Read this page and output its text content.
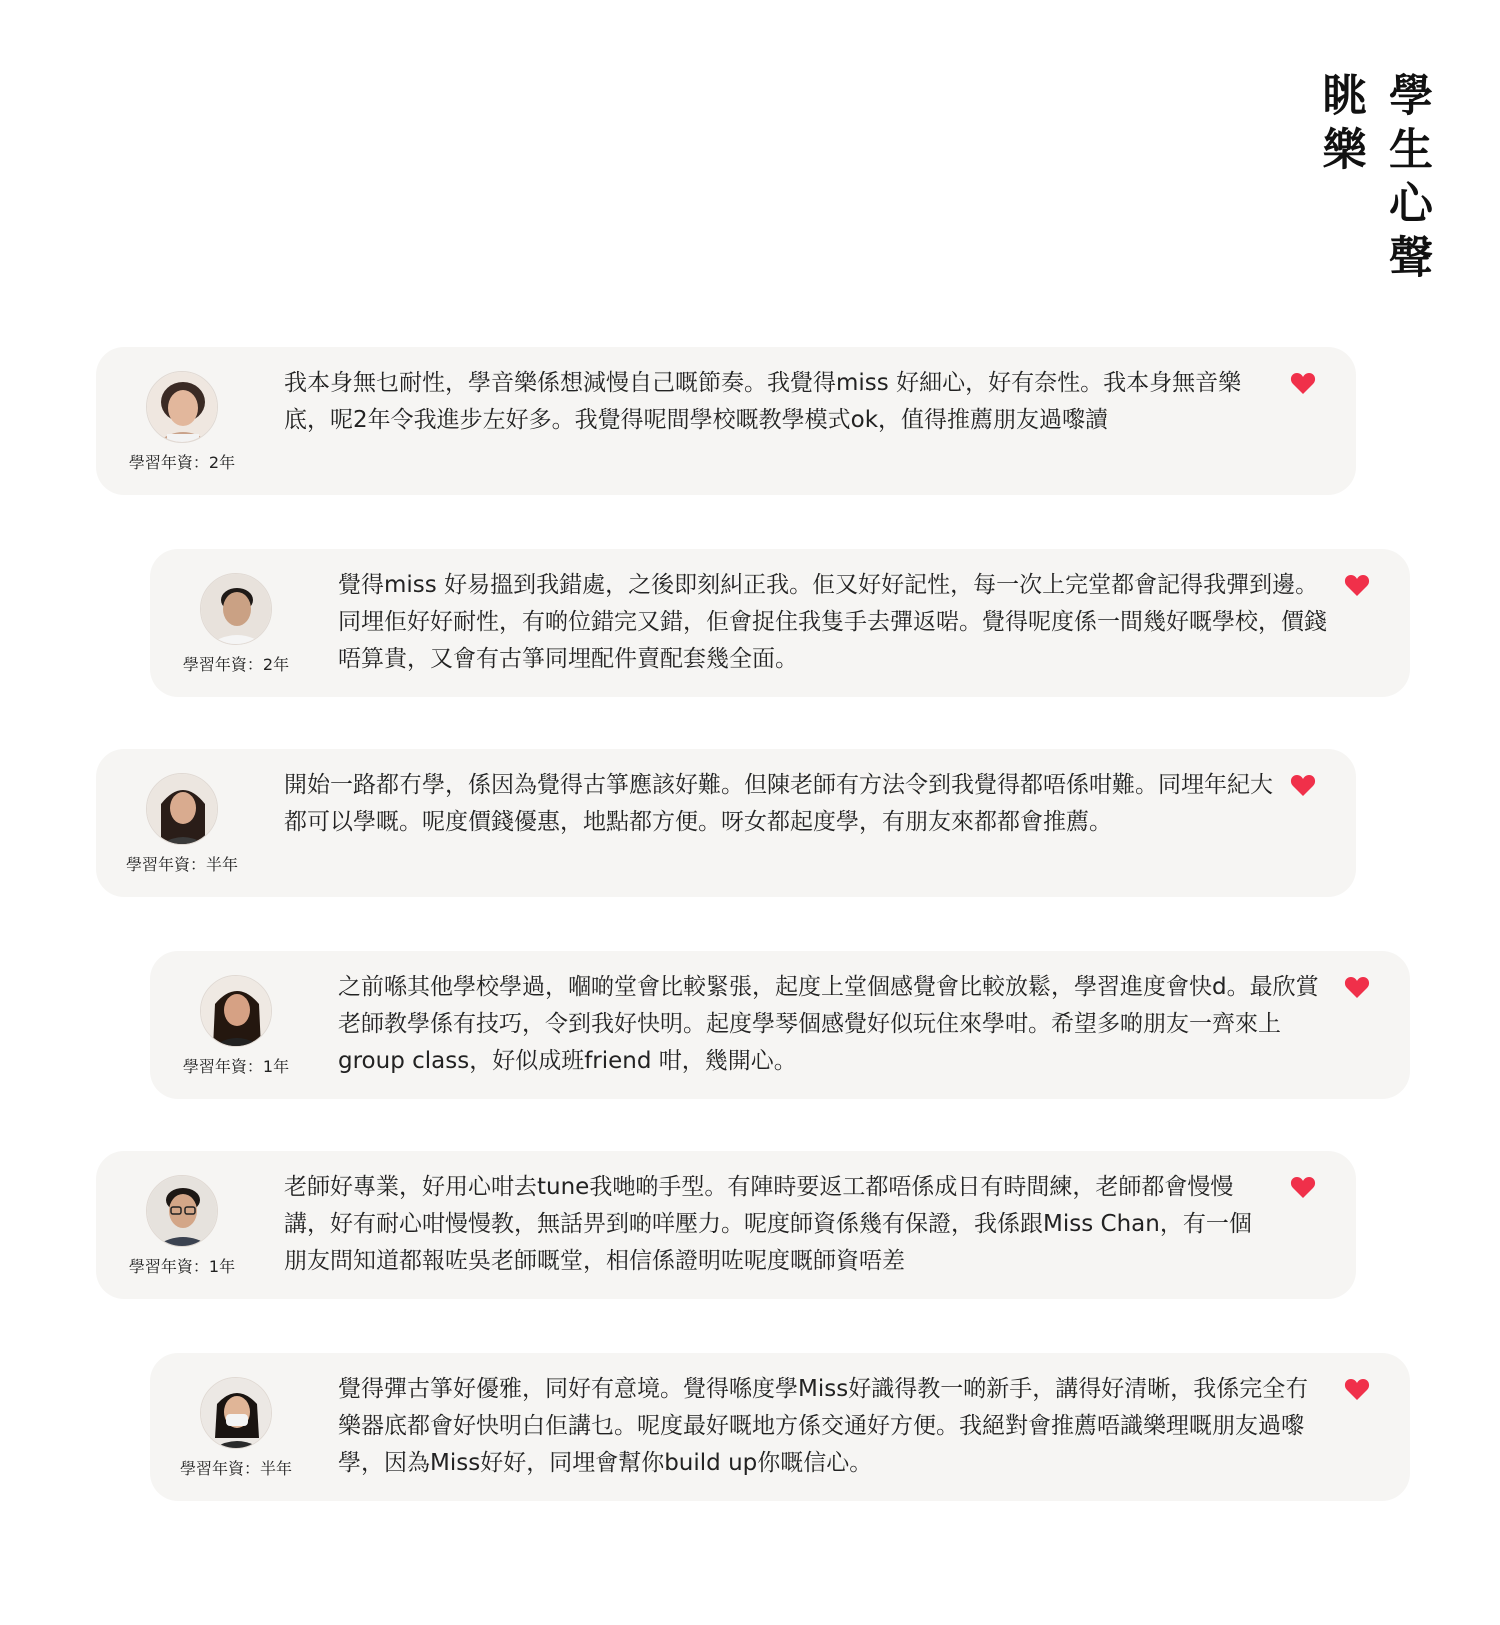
學生心聲
眺樂
學習年資：2年
我本身無乜耐性，學音樂係想減慢自己嘅節奏。我覺得miss 好細心，好有奈性。我本身無音樂底，呢2年令我進步左好多。我覺得呢間學校嘅教學模式ok，值得推薦朋友過嚟讀
學習年資：2年
覺得miss 好易搵到我錯處，之後即刻糾正我。佢又好好記性，每一次上完堂都會記得我彈到邊。同埋佢好好耐性，有啲位錯完又錯，佢會捉住我隻手去彈返啱。覺得呢度係一間幾好嘅學校，價錢唔算貴，又會有古箏同埋配件賣配套幾全面。
學習年資：半年
開始一路都冇學，係因為覺得古箏應該好難。但陳老師有方法令到我覺得都唔係咁難。同埋年紀大都可以學嘅。呢度價錢優惠，地點都方便。呀女都起度學，有朋友來都都會推薦。
學習年資：1年
之前喺其他學校學過，嗰啲堂會比較緊張，起度上堂個感覺會比較放鬆，學習進度會快d。最欣賞老師教學係有技巧，令到我好快明。起度學琴個感覺好似玩住來學咁。希望多啲朋友一齊來上group class，好似成班friend 咁，幾開心。
學習年資：1年
老師好專業，好用心咁去tune我哋啲手型。有陣時要返工都唔係成日有時間練，老師都會慢慢講，好有耐心咁慢慢教，無話畀到啲咩壓力。呢度師資係幾有保證，我係跟Miss Chan，有一個朋友問知道都報咗吳老師嘅堂，相信係證明咗呢度嘅師資唔差
學習年資：半年
覺得彈古箏好優雅，同好有意境。覺得喺度學Miss好識得教一啲新手，講得好清晰，我係完全冇樂器底都會好快明白佢講乜。呢度最好嘅地方係交通好方便。我絕對會推薦唔識樂理嘅朋友過嚟學，因為Miss好好，同埋會幫你build up你嘅信心。
